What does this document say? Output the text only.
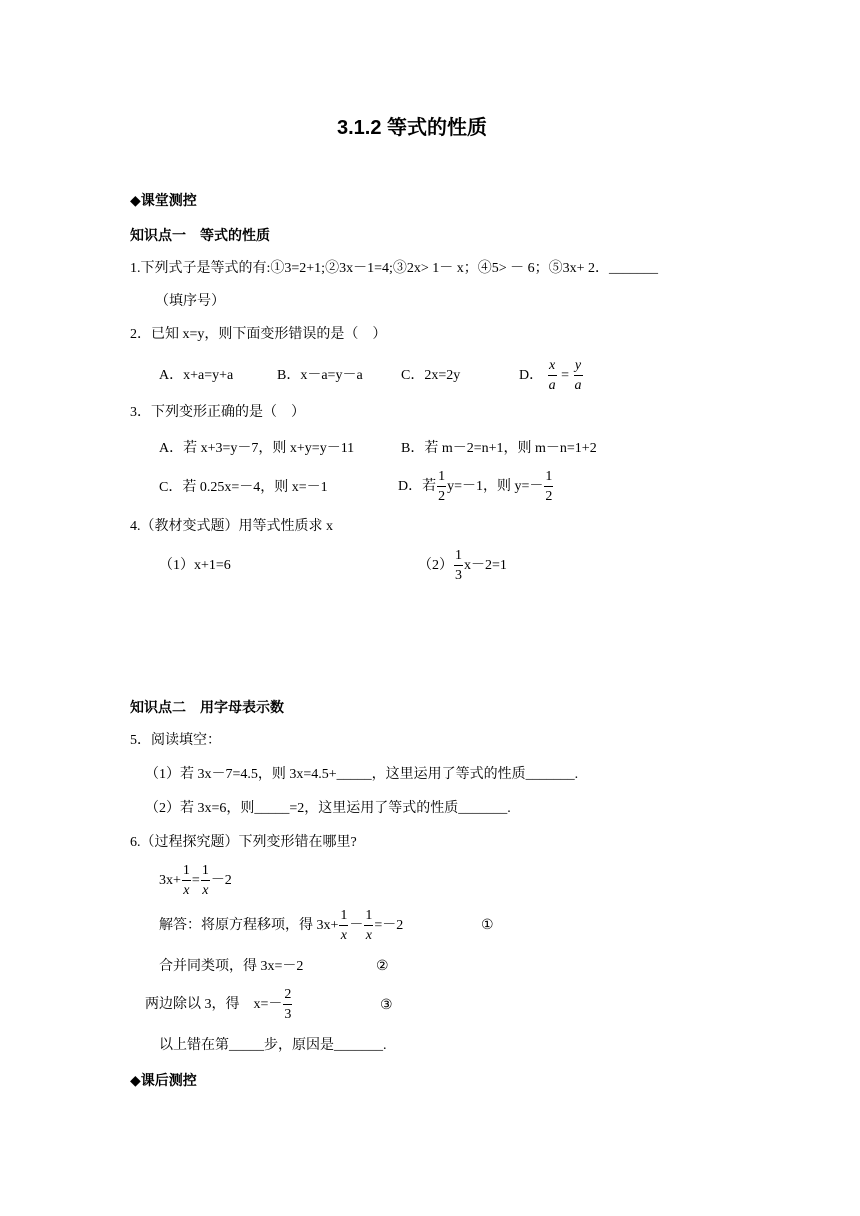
3.1.2 等式的性质
◆课堂测控
知识点一　等式的性质
1.下列式子是等式的有:①3=2+1;②3x－1=4;③2x> 1－ x；④5> － 6；⑤3x+ 2．_______
（填序号）
2．已知 x=y，则下面变形错误的是（　）
A．x+a=y+a	B．x－a=y－a	C．2x=2y	D． $\frac{x}{a} = \frac{y}{a}$
3．下列变形正确的是（　）
A．若 x+3=y－7，则 x+y=y－11	B．若 m－2=n+1，则 m－n=1+2
C．若 0.25x=－4，则 x=－1	D．若 $\frac{1}{2} y=-1$，则 $y=- \frac{1}{2}$
4.（教材变式题）用等式性质求 x
（1）x+1=6	$(2) \frac{1}{3} x-2=1$
知识点二　用字母表示数
5．阅读填空：
（1）若 3x－7=4.5，则 3x=4.5+_____，这里运用了等式的性质_______.
（2）若 3x=6，则_____=2，这里运用了等式的性质_______.
6.（过程探究题）下列变形错在哪里?
$3x+ \frac{1}{x} = \frac{1}{x} -2$
解答：将原方程移项，得 $3x+ \frac{1}{x} - \frac{1}{x} =-2$	①
合并同类项，得 3x=－2	②
两边除以 3，得　$x=- \frac{2}{3}$	③
以上错在第_____步，原因是_______.
◆课后测控
